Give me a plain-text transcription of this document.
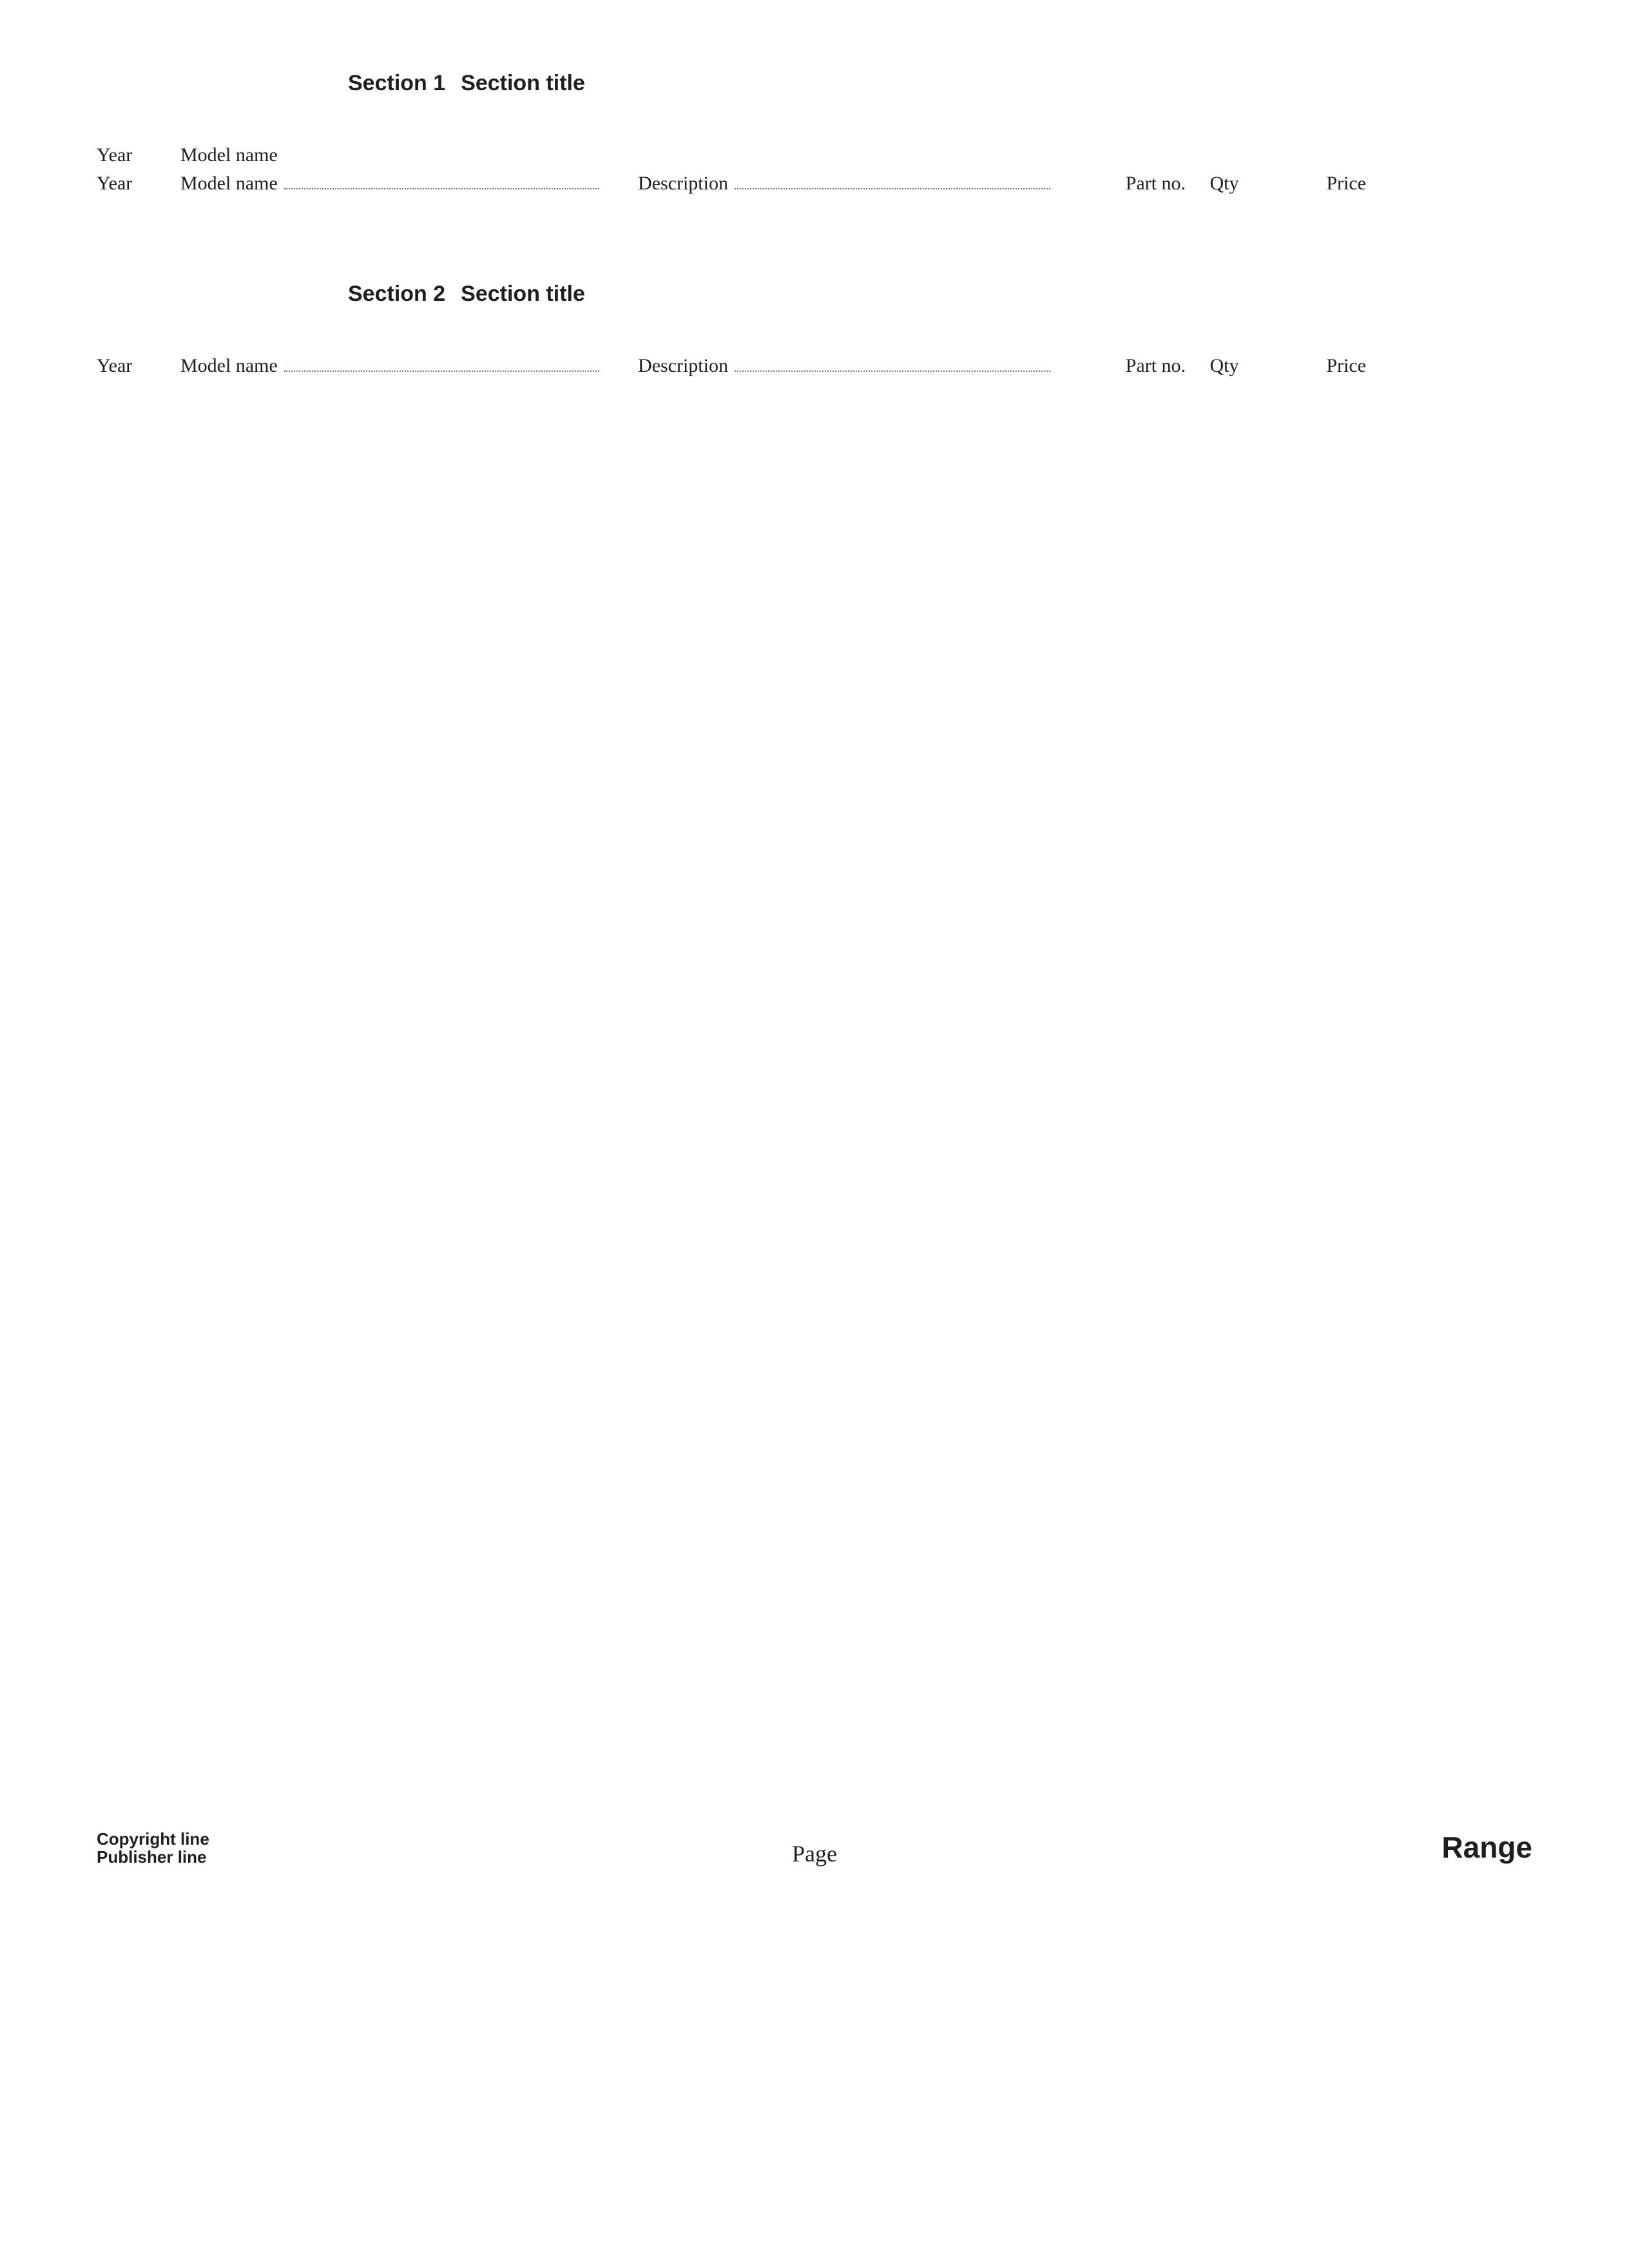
Section 1 Section title
Year	Model name
Year	Model name	Description	Part no.	Qty	Price
Section 2 Section title
Year	Model name	Description	Part no.	Qty	Price
Copyright line
Publisher line	Page	Range
